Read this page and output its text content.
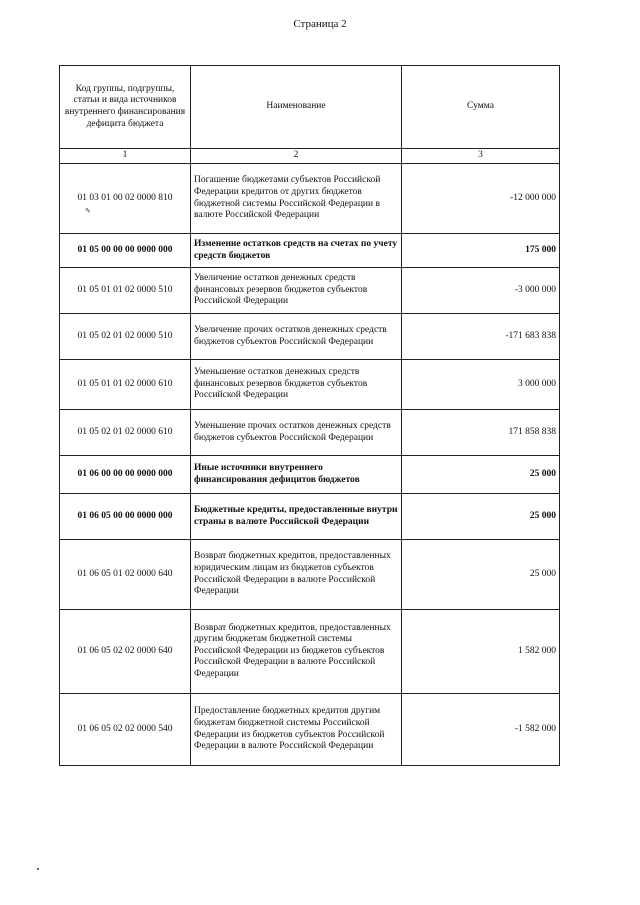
Страница 2
Код группы, подгруппы, статьи и вида источников внутреннего финансирования дефицита бюджета	Наименование	Сумма
1	2	3
01 03 01 00 02 0000 810	Погашение бюджетами субъектов Российской Федерации кредитов от других бюджетов бюджетной системы Российской Федерации в валюте Российской Федерации	-12 000 000
01 05 00 00 00 0000 000	Изменение остатков средств на счетах по учету средств бюджетов	175 000
01 05 01 01 02 0000 510	Увеличение остатков денежных средств финансовых резервов бюджетов субъектов Российской Федерации	-3 000 000
01 05 02 01 02 0000 510	Увеличение прочих остатков денежных средств бюджетов субъектов Российской Федерации	-171 683 838
01 05 01 01 02 0000 610	Уменьшение остатков денежных средств финансовых резервов бюджетов субъектов Российской Федерации	3 000 000
01 05 02 01 02 0000 610	Уменьшение прочих остатков денежных средств бюджетов субъектов Российской Федерации	171 858 838
01 06 00 00 00 0000 000	Иные источники внутреннего финансирования дефицитов бюджетов	25 000
01 06 05 00 00 0000 000	Бюджетные кредиты, предоставленные внутри страны в валюте Российской Федерации	25 000
01 06 05 01 02 0000 640	Возврат бюджетных кредитов, предоставленных юридическим лицам из бюджетов субъектов Российской Федерации в валюте Российской Федерации	25 000
01 06 05 02 02 0000 640	Возврат бюджетных кредитов, предоставленных другим бюджетам бюджетной системы Российской Федерации из бюджетов субъектов Российской Федерации в валюте Российской Федерации	1 582 000
01 06 05 02 02 0000 540	Предоставление бюджетных кредитов другим бюджетам бюджетной системы Российской Федерации из бюджетов субъектов Российской Федерации в валюте Российской Федерации	-1 582 000
✎
